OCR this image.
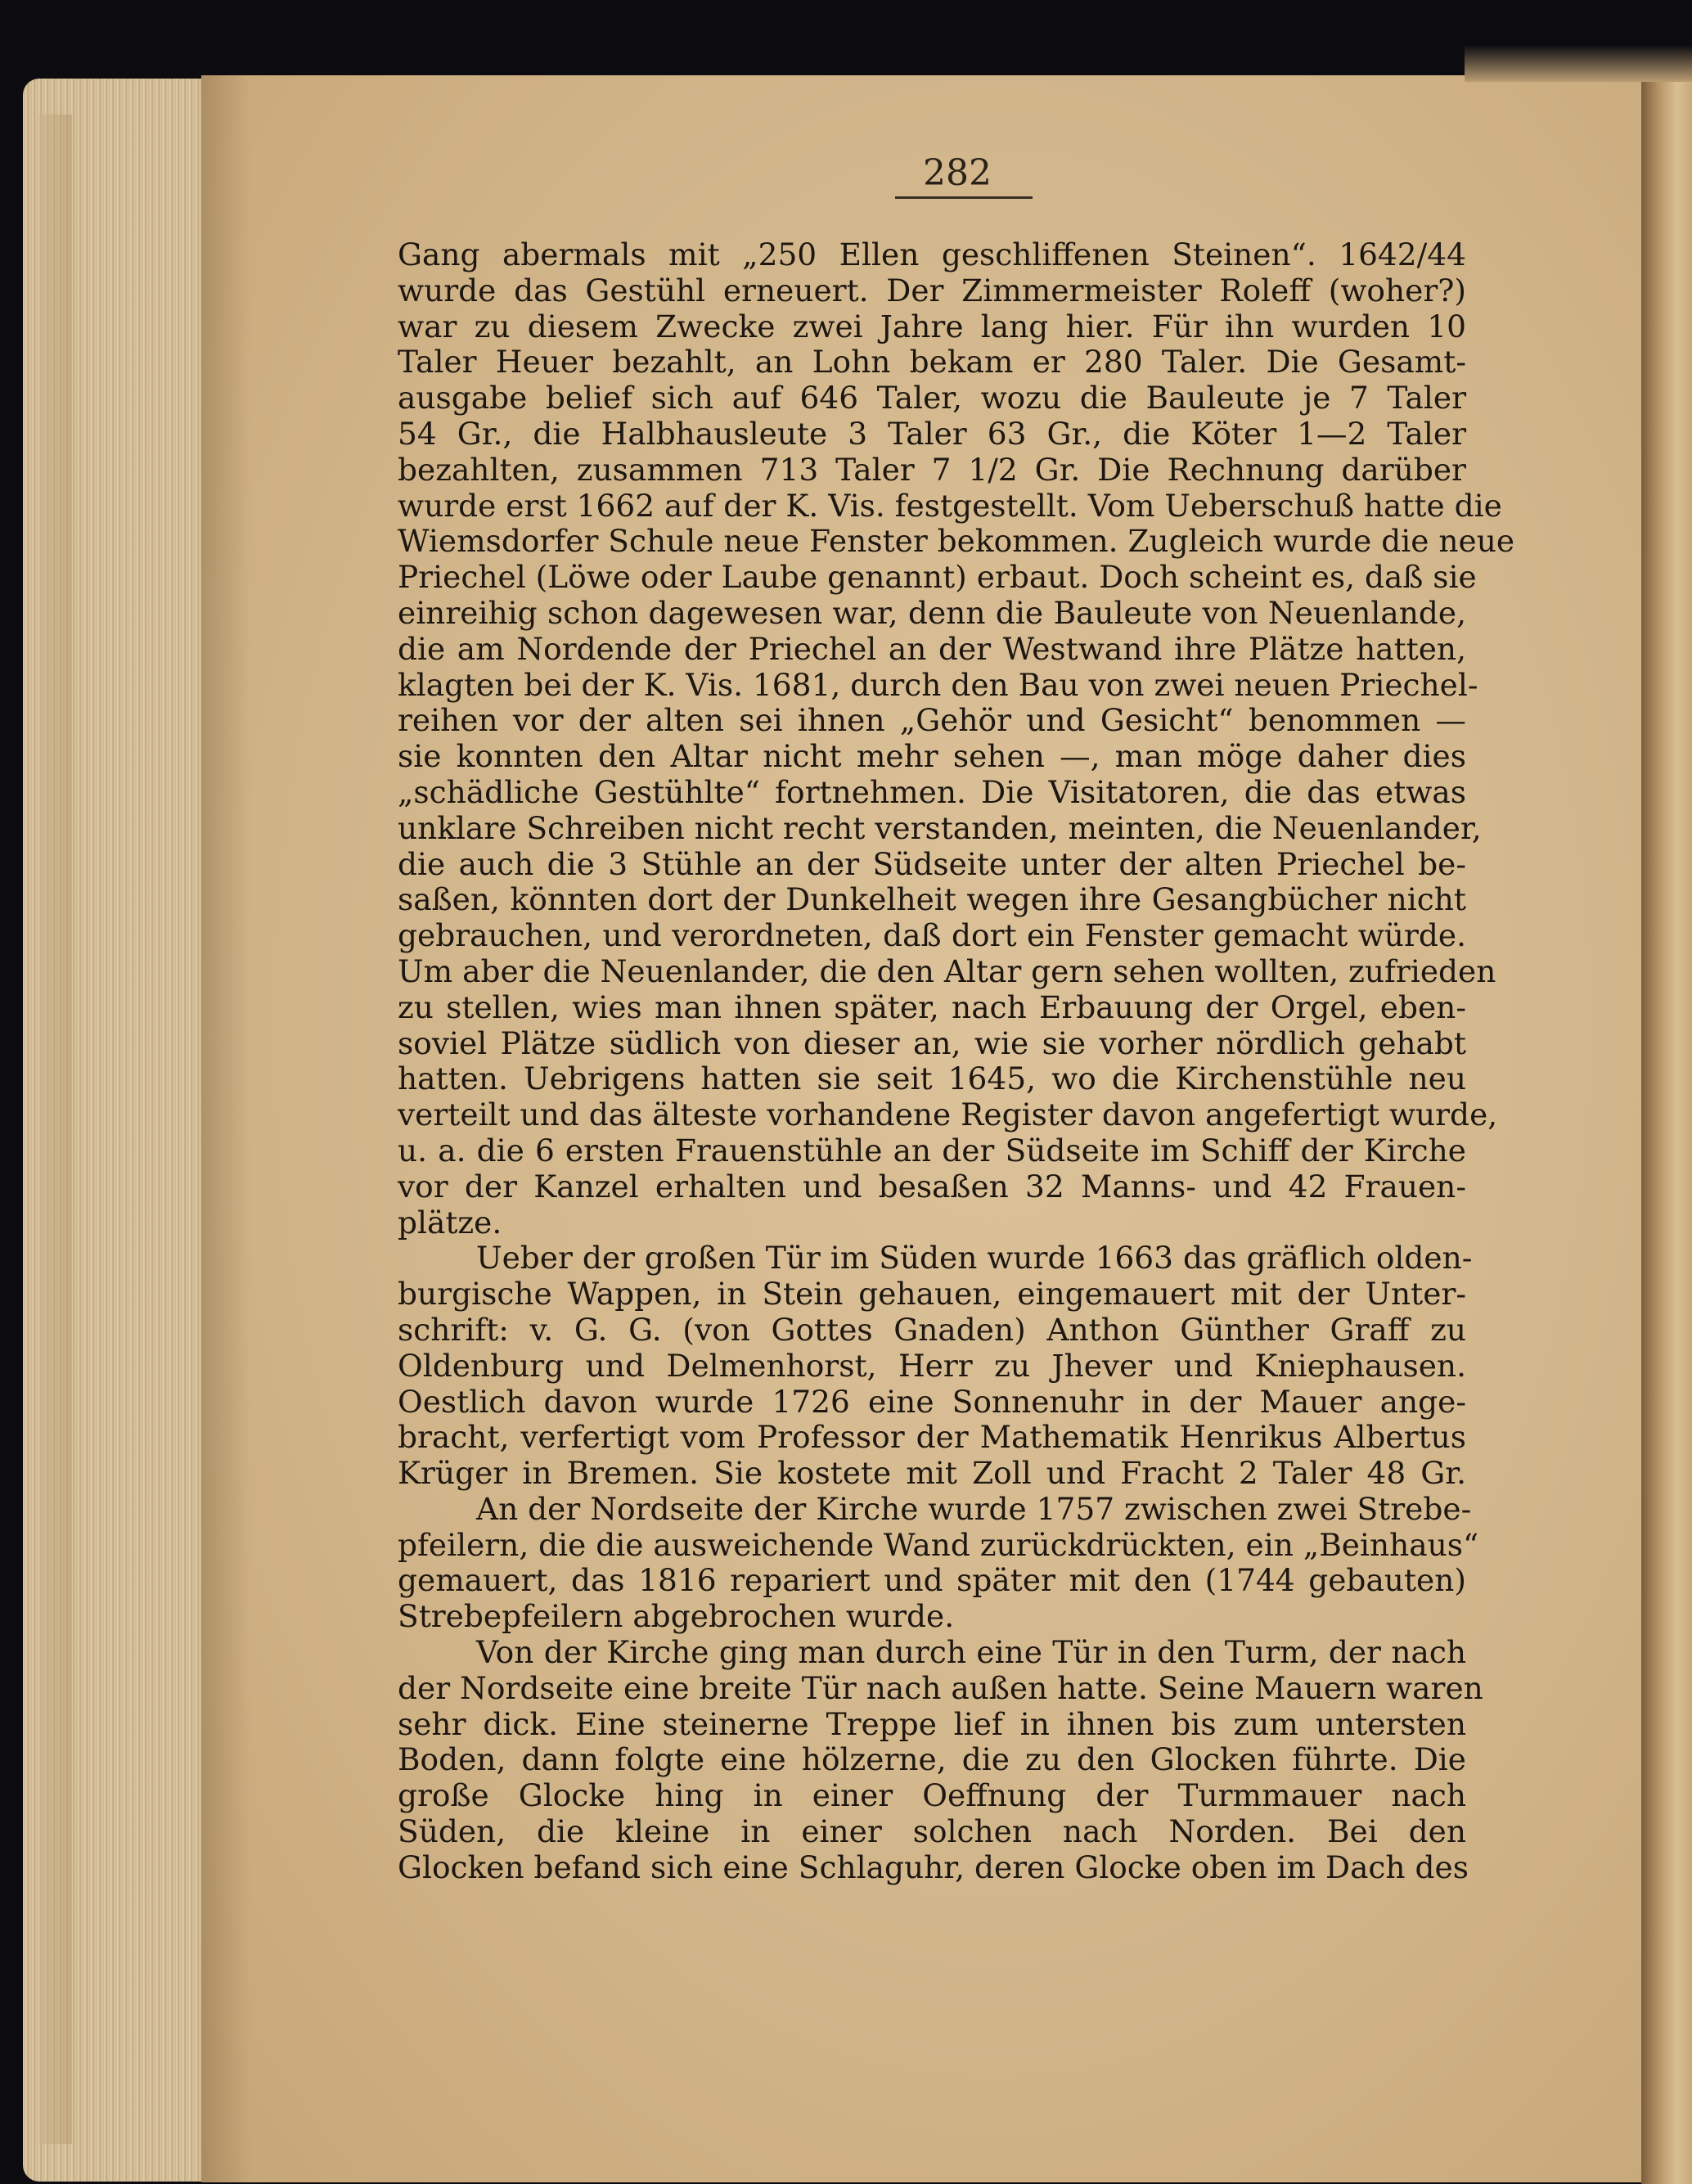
282
Gang abermals mit „250 Ellen geschliffenen Steinen“. 1642/44
wurde das Gestühl erneuert. Der Zimmermeister Roleff (woher?)
war zu diesem Zwecke zwei Jahre lang hier. Für ihn wurden 10
Taler Heuer bezahlt, an Lohn bekam er 280 Taler. Die Gesamt-
ausgabe belief sich auf 646 Taler, wozu die Bauleute je 7 Taler
54 Gr., die Halbhausleute 3 Taler 63 Gr., die Köter 1—2 Taler
bezahlten, zusammen 713 Taler 7 1/2 Gr. Die Rechnung darüber
wurde erst 1662 auf der K. Vis. festgestellt. Vom Ueberschuß hatte die
Wiemsdorfer Schule neue Fenster bekommen. Zugleich wurde die neue
Priechel (Löwe oder Laube genannt) erbaut. Doch scheint es, daß sie
einreihig schon dagewesen war, denn die Bauleute von Neuenlande,
die am Nordende der Priechel an der Westwand ihre Plätze hatten,
klagten bei der K. Vis. 1681, durch den Bau von zwei neuen Priechel-
reihen vor der alten sei ihnen „Gehör und Gesicht“ benommen —
sie konnten den Altar nicht mehr sehen —, man möge daher dies
„schädliche Gestühlte“ fortnehmen. Die Visitatoren, die das etwas
unklare Schreiben nicht recht verstanden, meinten, die Neuenlander,
die auch die 3 Stühle an der Südseite unter der alten Priechel be-
saßen, könnten dort der Dunkelheit wegen ihre Gesangbücher nicht
gebrauchen, und verordneten, daß dort ein Fenster gemacht würde.
Um aber die Neuenlander, die den Altar gern sehen wollten, zufrieden
zu stellen, wies man ihnen später, nach Erbauung der Orgel, eben-
soviel Plätze südlich von dieser an, wie sie vorher nördlich gehabt
hatten. Uebrigens hatten sie seit 1645, wo die Kirchenstühle neu
verteilt und das älteste vorhandene Register davon angefertigt wurde,
u. a. die 6 ersten Frauenstühle an der Südseite im Schiff der Kirche
vor der Kanzel erhalten und besaßen 32 Manns- und 42 Frauen-
plätze.
Ueber der großen Tür im Süden wurde 1663 das gräflich olden-
burgische Wappen, in Stein gehauen, eingemauert mit der Unter-
schrift: v. G. G. (von Gottes Gnaden) Anthon Günther Graff zu
Oldenburg und Delmenhorst, Herr zu Jhever und Kniephausen.
Oestlich davon wurde 1726 eine Sonnenuhr in der Mauer ange-
bracht, verfertigt vom Professor der Mathematik Henrikus Albertus
Krüger in Bremen. Sie kostete mit Zoll und Fracht 2 Taler 48 Gr.
An der Nordseite der Kirche wurde 1757 zwischen zwei Strebe-
pfeilern, die die ausweichende Wand zurückdrückten, ein „Beinhaus“
gemauert, das 1816 repariert und später mit den (1744 gebauten)
Strebepfeilern abgebrochen wurde.
Von der Kirche ging man durch eine Tür in den Turm, der nach
der Nordseite eine breite Tür nach außen hatte. Seine Mauern waren
sehr dick. Eine steinerne Treppe lief in ihnen bis zum untersten
Boden, dann folgte eine hölzerne, die zu den Glocken führte. Die
große Glocke hing in einer Oeffnung der Turmmauer nach
Süden, die kleine in einer solchen nach Norden. Bei den
Glocken befand sich eine Schlaguhr, deren Glocke oben im Dach des
